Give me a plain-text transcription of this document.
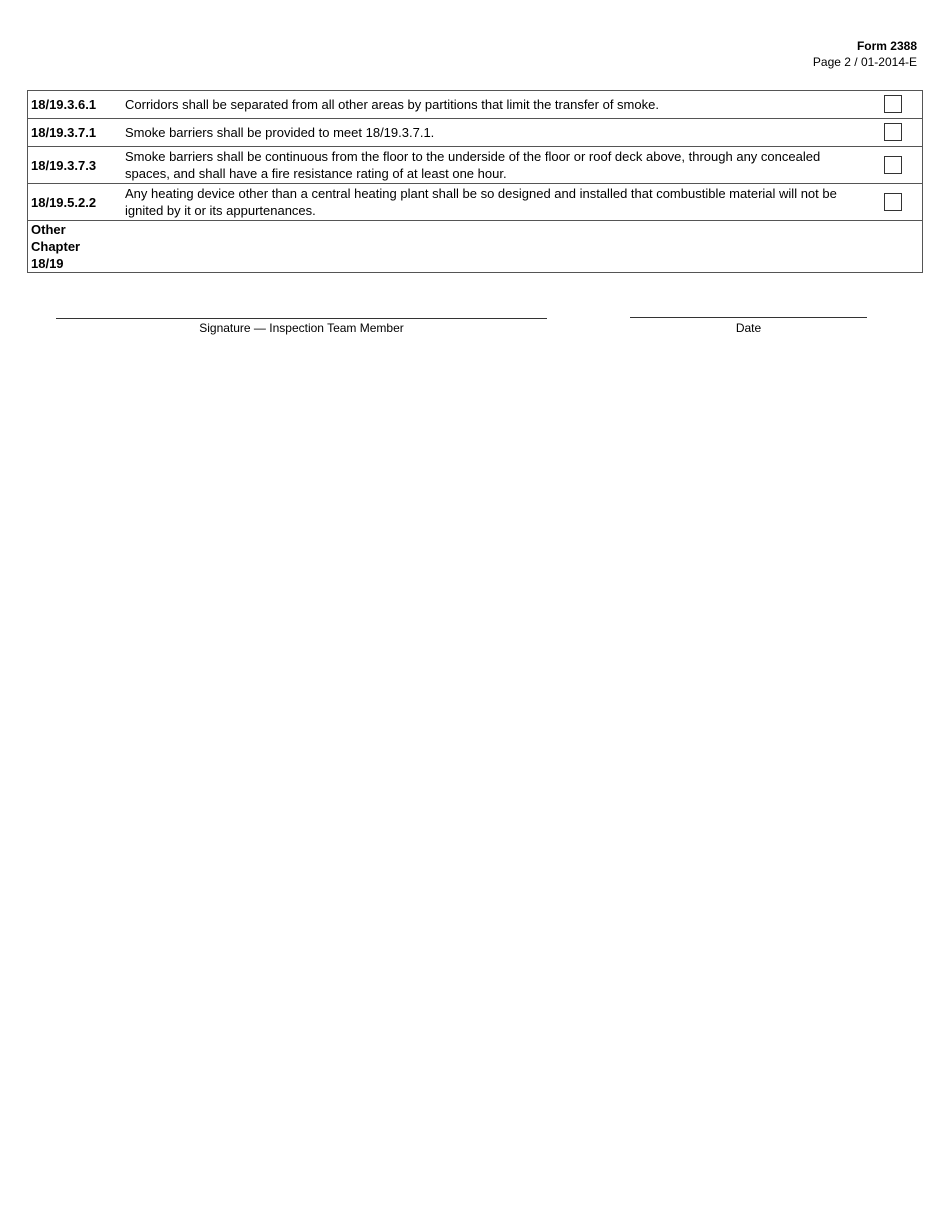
Form 2388
Page 2 / 01-2014-E
18/19.3.6.1	Corridors shall be separated from all other areas by partitions that limit the transfer of smoke.	
18/19.3.7.1	Smoke barriers shall be provided to meet 18/19.3.7.1.	
18/19.3.7.3	Smoke barriers shall be continuous from the floor to the underside of the floor or roof deck above, through any concealed spaces, and shall have a fire resistance rating of at least one hour.	
18/19.5.2.2	Any heating device other than a central heating plant shall be so designed and installed that combustible material will not be ignited by it or its appurtenances.	

Other
Chapter
18/19		

Signature — Inspection Team Member	Date
